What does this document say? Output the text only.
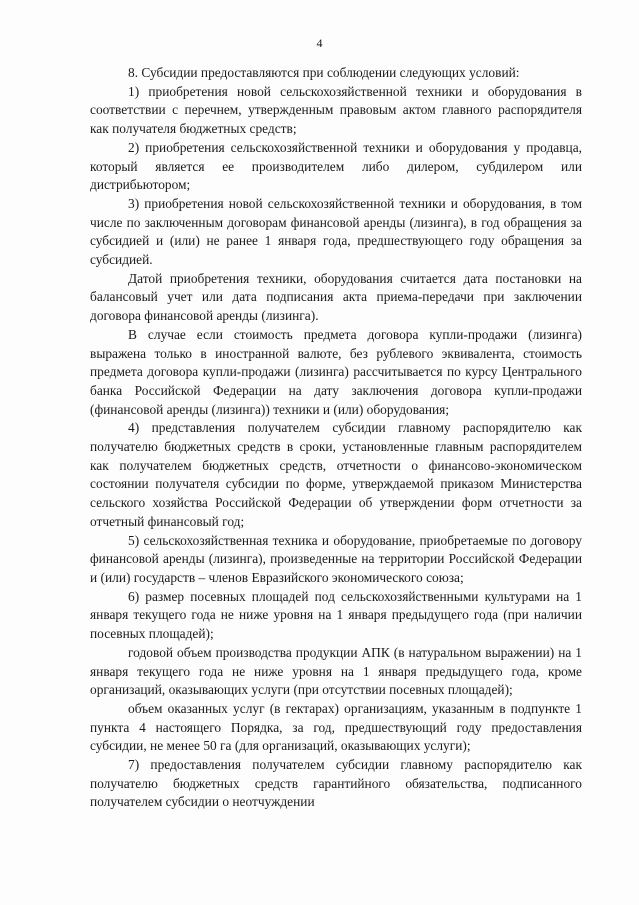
4

8. Субсидии предоставляются при соблюдении следующих условий:

1) приобретения новой сельскохозяйственной техники и оборудования в соответствии с перечнем, утвержденным правовым актом главного распорядителя как получателя бюджетных средств;

2) приобретения сельскохозяйственной техники и оборудования у продавца, который является ее производителем либо дилером, субдилером или дистрибьютором;

3) приобретения новой сельскохозяйственной техники и оборудования, в том числе по заключенным договорам финансовой аренды (лизинга), в год обращения за субсидией и (или) не ранее 1 января года, предшествующего году обращения за субсидией.

Датой приобретения техники, оборудования считается дата постановки на балансовый учет или дата подписания акта приема-передачи при заключении договора финансовой аренды (лизинга).

В случае если стоимость предмета договора купли-продажи (лизинга) выражена только в иностранной валюте, без рублевого эквивалента, стоимость предмета договора купли-продажи (лизинга) рассчитывается по курсу Центрального банка Российской Федерации на дату заключения договора купли-продажи (финансовой аренды (лизинга)) техники и (или) оборудования;

4) представления получателем субсидии главному распорядителю как получателю бюджетных средств в сроки, установленные главным распорядителем как получателем бюджетных средств, отчетности о финансово-экономическом состоянии получателя субсидии по форме, утверждаемой приказом Министерства сельского хозяйства Российской Федерации об утверждении форм отчетности за отчетный финансовый год;

5) сельскохозяйственная техника и оборудование, приобретаемые по договору финансовой аренды (лизинга), произведенные на территории Российской Федерации и (или) государств – членов Евразийского экономического союза;

6) размер посевных площадей под сельскохозяйственными культурами на 1 января текущего года не ниже уровня на 1 января предыдущего года (при наличии посевных площадей);

годовой объем производства продукции АПК (в натуральном выражении) на 1 января текущего года не ниже уровня на 1 января предыдущего года, кроме организаций, оказывающих услуги (при отсутствии посевных площадей);

объем оказанных услуг (в гектарах) организациям, указанным в подпункте 1 пункта 4 настоящего Порядка, за год, предшествующий году предоставления субсидии, не менее 50 га (для организаций, оказывающих услуги);

7) предоставления получателем субсидии главному распорядителю как получателю бюджетных средств гарантийного обязательства, подписанного получателем субсидии о неотчуждении
